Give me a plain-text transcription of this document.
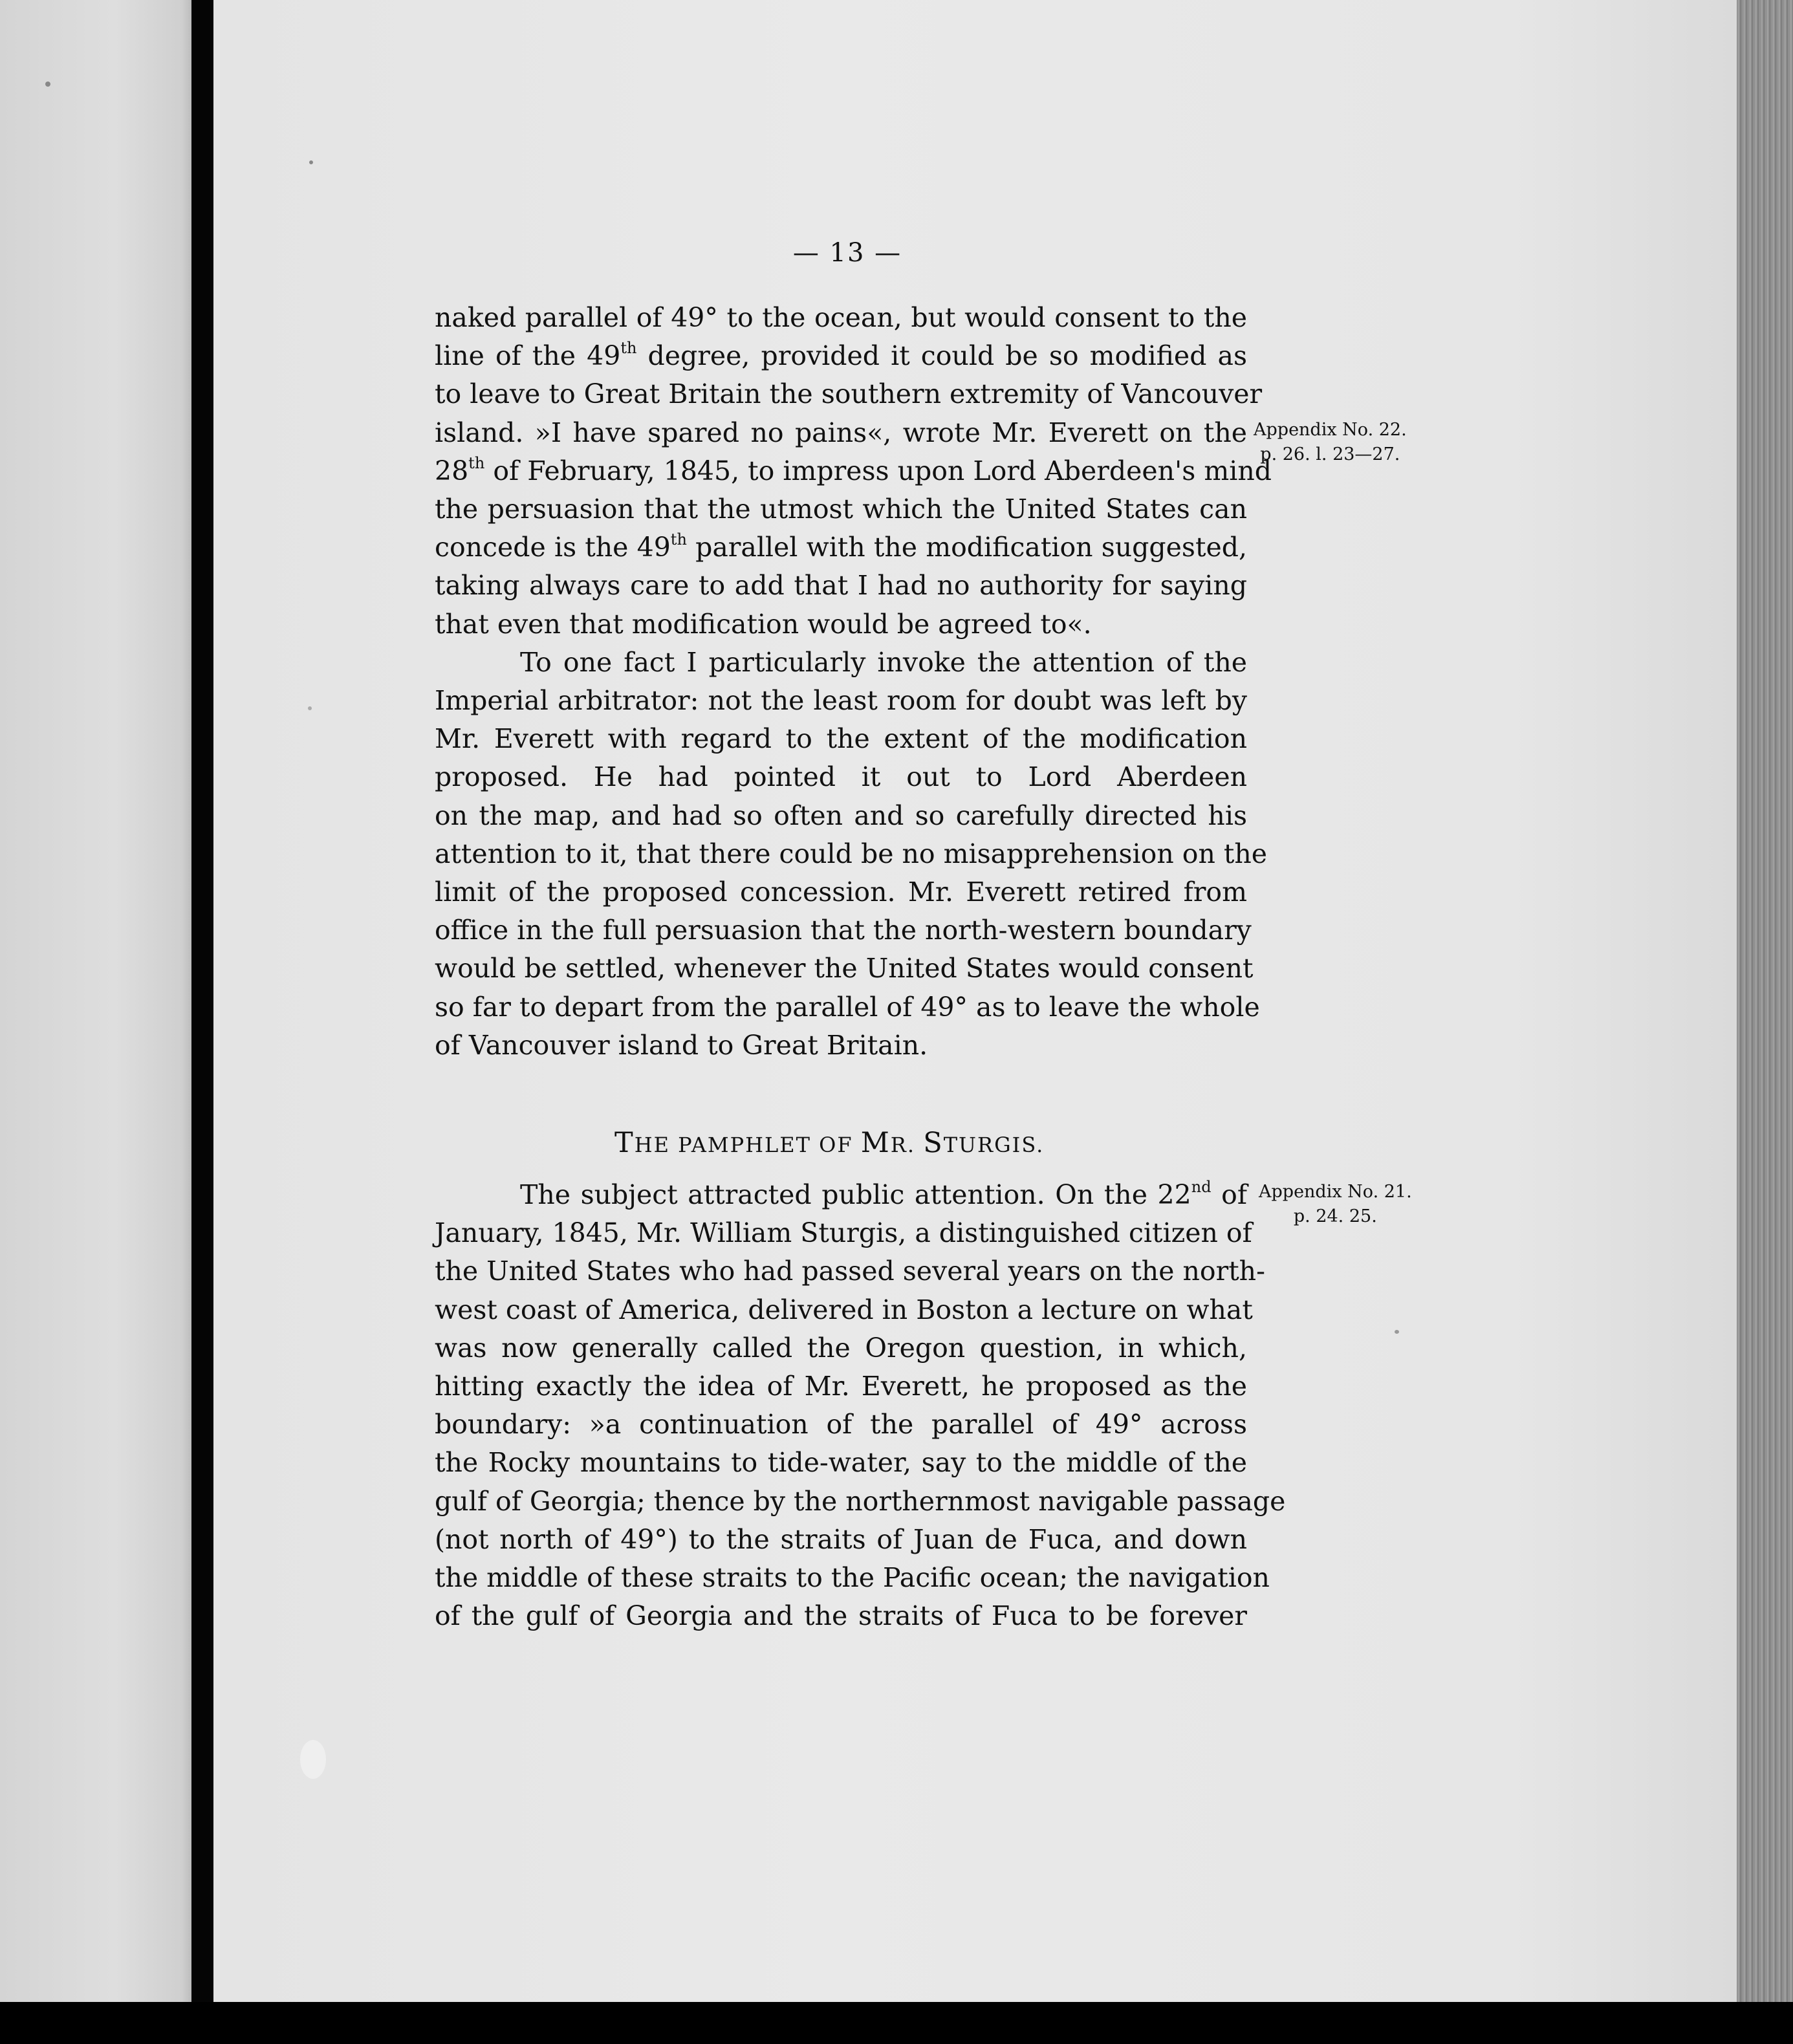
— 13 —
naked parallel of 49° to the ocean, but would consent to the
line of the 49th degree, provided it could be so modified as
to leave to Great Britain the southern extremity of Vancouver
island. »I have spared no pains«, wrote Mr. Everett on the
28th of February, 1845, to impress upon Lord Aberdeen's mind
the persuasion that the utmost which the United States can
concede is the 49th parallel with the modification suggested,
taking always care to add that I had no authority for saying
that even that modification would be agreed to«.
To one fact I particularly invoke the attention of the
Imperial arbitrator: not the least room for doubt was left by
Mr. Everett with regard to the extent of the modification
proposed. He had pointed it out to Lord Aberdeen
on the map, and had so often and so carefully directed his
attention to it, that there could be no misapprehension on the
limit of the proposed concession. Mr. Everett retired from
office in the full persuasion that the north-western boundary
would be settled, whenever the United States would consent
so far to depart from the parallel of 49° as to leave the whole
of Vancouver island to Great Britain.
THE PAMPHLET OF MR. STURGIS.
The subject attracted public attention. On the 22nd of
January, 1845, Mr. William Sturgis, a distinguished citizen of
the United States who had passed several years on the north-
west coast of America, delivered in Boston a lecture on what
was now generally called the Oregon question, in which,
hitting exactly the idea of Mr. Everett, he proposed as the
boundary: »a continuation of the parallel of 49° across
the Rocky mountains to tide-water, say to the middle of the
gulf of Georgia; thence by the northernmost navigable passage
(not north of 49°) to the straits of Juan de Fuca, and down
the middle of these straits to the Pacific ocean; the navigation
of the gulf of Georgia and the straits of Fuca to be forever
Appendix No. 22.
p. 26. l. 23—27.
Appendix No. 21.
p. 24. 25.
